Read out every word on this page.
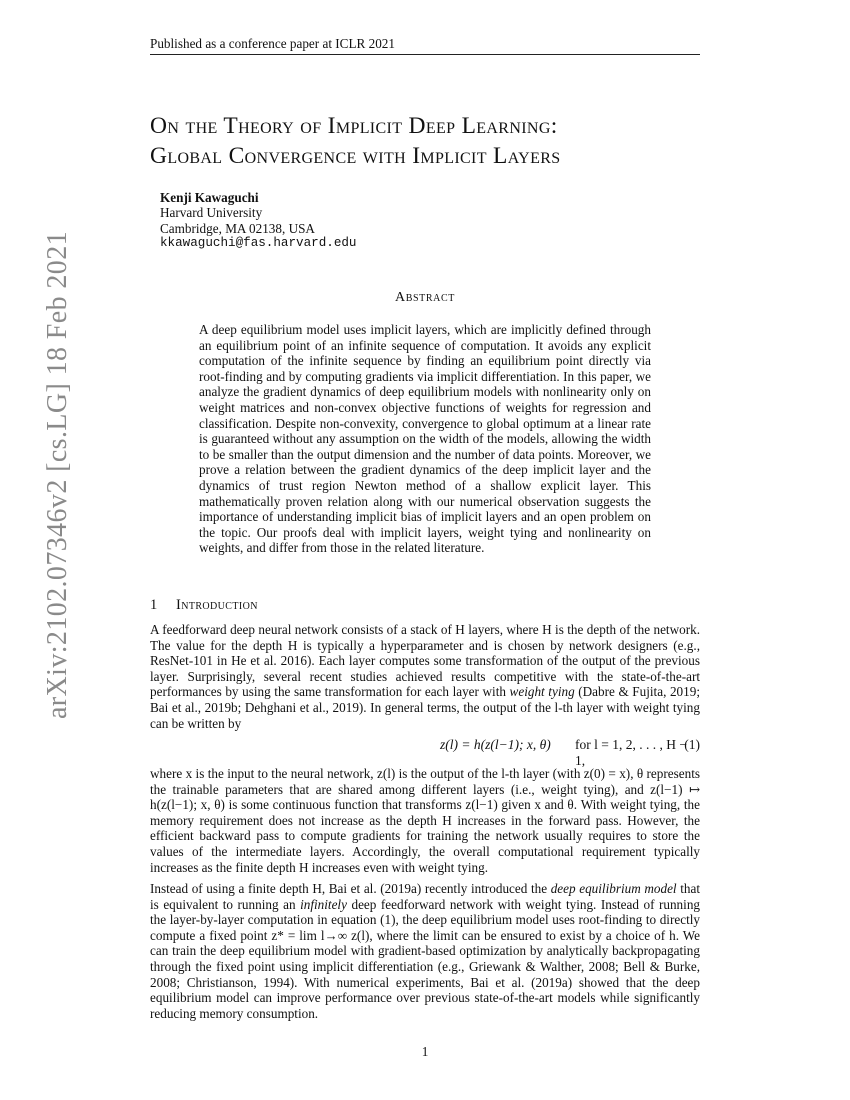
Published as a conference paper at ICLR 2021
arXiv:2102.07346v2 [cs.LG] 18 Feb 2021
On the Theory of Implicit Deep Learning:
Global Convergence with Implicit Layers
Kenji Kawaguchi
Harvard University
Cambridge, MA 02138, USA
kkawaguchi@fas.harvard.edu
Abstract
A deep equilibrium model uses implicit layers, which are implicitly defined through an equilibrium point of an infinite sequence of computation. It avoids any explicit computation of the infinite sequence by finding an equilibrium point directly via root-finding and by computing gradients via implicit differentiation. In this paper, we analyze the gradient dynamics of deep equilibrium models with nonlinearity only on weight matrices and non-convex objective functions of weights for regression and classification. Despite non-convexity, convergence to global optimum at a linear rate is guaranteed without any assumption on the width of the models, allowing the width to be smaller than the output dimension and the number of data points. Moreover, we prove a relation between the gradient dynamics of the deep implicit layer and the dynamics of trust region Newton method of a shallow explicit layer. This mathematically proven relation along with our numerical observation suggests the importance of understanding implicit bias of implicit layers and an open problem on the topic. Our proofs deal with implicit layers, weight tying and nonlinearity on weights, and differ from those in the related literature.
1 Introduction
A feedforward deep neural network consists of a stack of H layers, where H is the depth of the network. The value for the depth H is typically a hyperparameter and is chosen by network designers (e.g., ResNet-101 in He et al. 2016). Each layer computes some transformation of the output of the previous layer. Surprisingly, several recent studies achieved results competitive with the state-of-the-art performances by using the same transformation for each layer with weight tying (Dabre & Fujita, 2019; Bai et al., 2019b; Dehghani et al., 2019). In general terms, the output of the l-th layer with weight tying can be written by
z(l) = h(z(l−1); x, θ) for l = 1, 2, . . . , H − 1,
(1)
where x is the input to the neural network, z(l) is the output of the l-th layer (with z(0) = x), θ represents the trainable parameters that are shared among different layers (i.e., weight tying), and z(l−1) ↦ h(z(l−1); x, θ) is some continuous function that transforms z(l−1) given x and θ. With weight tying, the memory requirement does not increase as the depth H increases in the forward pass. However, the efficient backward pass to compute gradients for training the network usually requires to store the values of the intermediate layers. Accordingly, the overall computational requirement typically increases as the finite depth H increases even with weight tying.
Instead of using a finite depth H, Bai et al. (2019a) recently introduced the deep equilibrium model that is equivalent to running an infinitely deep feedforward network with weight tying. Instead of running the layer-by-layer computation in equation (1), the deep equilibrium model uses root-finding to directly compute a fixed point z* = lim l→∞ z(l), where the limit can be ensured to exist by a choice of h. We can train the deep equilibrium model with gradient-based optimization by analytically backpropagating through the fixed point using implicit differentiation (e.g., Griewank & Walther, 2008; Bell & Burke, 2008; Christianson, 1994). With numerical experiments, Bai et al. (2019a) showed that the deep equilibrium model can improve performance over previous state-of-the-art models while significantly reducing memory consumption.
1
